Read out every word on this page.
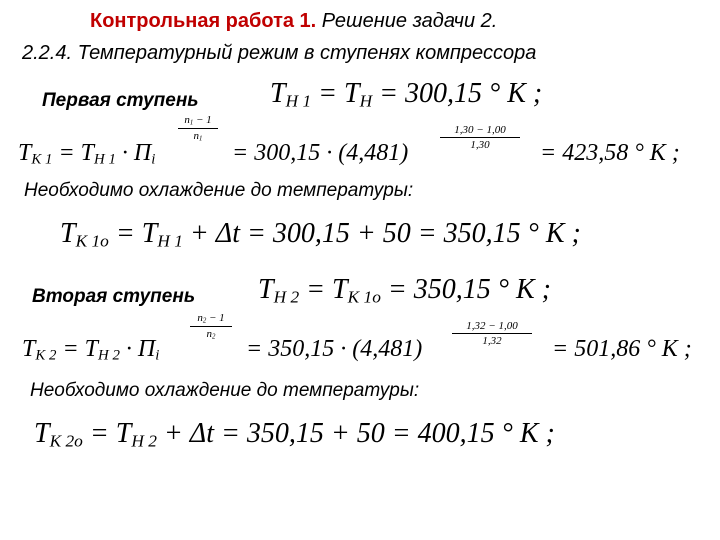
Контрольная работа 1. Решение задачи 2.
2.2.4. Температурный режим в ступенях компрессора
Первая ступень	$T_{H 1} = T_H = 300,15$ ° K ;
$T_{K 1} = T_{H 1} \cdot \Pi_i$
$n_1 - 1$
$n_1$
= 300,15 · (4,481)
1,30 − 1,00
1,30	= 423,58 ° K ;
Необходимо охлаждение до температуры:
$T_{K 1o} = T_{H 1} + \Delta t = 300,15 + 50 = 350,15$ ° K ;
Вторая ступень $T_{H 2} = T_{K 1o} = 350,15$ ° K ;
$T_{K 2} = T_{H 2} \cdot \Pi_i$
$n_2 - 1$
$n_2$	= 350,15 · (4,481)
1,32 − 1,00
1,32	= 501,86 ° K ;
Необходимо охлаждение до температуры:
$T_{K 2o} = T_{H 2} + \Delta t = 350,15 + 50 = 400,15$ ° K ;
